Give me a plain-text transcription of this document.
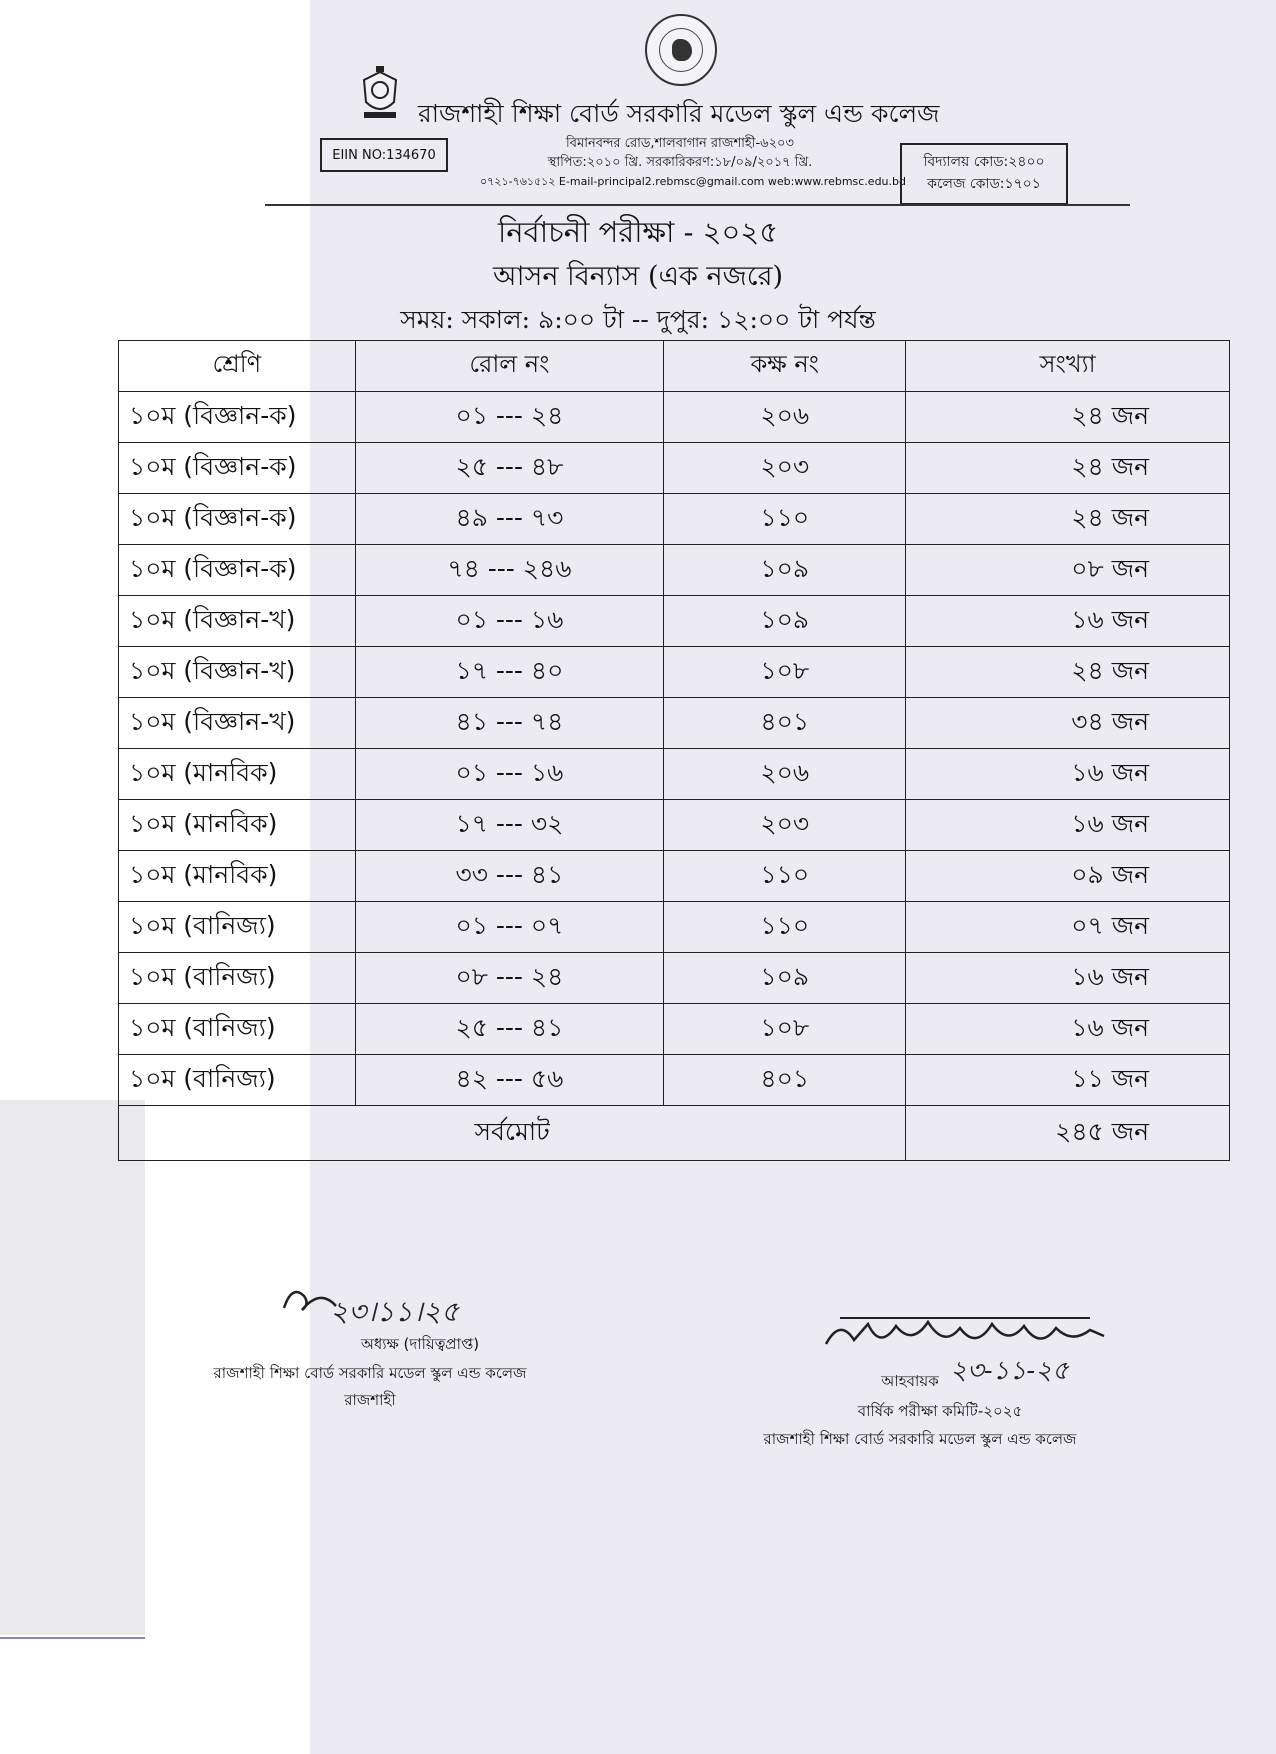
রাজশাহী শিক্ষা বোর্ড সরকারি মডেল স্কুল এন্ড কলেজ
EIIN NO:134670
বিমানবন্দর রোড,শালবাগান রাজশাহী-৬২০৩
স্থাপিত:২০১০ খ্রি. সরকারিকরণ:১৮/০৯/২০১৭ খ্রি.
০৭২১-৭৬১৫১২ E-mail-principal2.rebmsc@gmail.com web:www.rebmsc.edu.bd
বিদ্যালয় কোড:২৪০০
কলেজ কোড:১৭০১
নির্বাচনী পরীক্ষা - ২০২৫
আসন বিন্যাস (এক নজরে)
সময়: সকাল: ৯:০০ টা -- দুপুর: ১২:০০ টা পর্যন্ত
শ্রেণি	রোল নং	কক্ষ নং	সংখ্যা
১০ম (বিজ্ঞান-ক)	০১ --- ২৪	২০৬	২৪ জন
১০ম (বিজ্ঞান-ক)	২৫ --- ৪৮	২০৩	২৪ জন
১০ম (বিজ্ঞান-ক)	৪৯ --- ৭৩	১১০	২৪ জন
১০ম (বিজ্ঞান-ক)	৭৪ --- ২৪৬	১০৯	০৮ জন
১০ম (বিজ্ঞান-খ)	০১ --- ১৬	১০৯	১৬ জন
১০ম (বিজ্ঞান-খ)	১৭ --- ৪০	১০৮	২৪ জন
১০ম (বিজ্ঞান-খ)	৪১ --- ৭৪	৪০১	৩৪ জন
১০ম (মানবিক)	০১ --- ১৬	২০৬	১৬ জন
১০ম (মানবিক)	১৭ --- ৩২	২০৩	১৬ জন
১০ম (মানবিক)	৩৩ --- ৪১	১১০	০৯ জন
১০ম (বানিজ্য)	০১ --- ০৭	১১০	০৭ জন
১০ম (বানিজ্য)	০৮ --- ২৪	১০৯	১৬ জন
১০ম (বানিজ্য)	২৫ --- ৪১	১০৮	১৬ জন
১০ম (বানিজ্য)	৪২ --- ৫৬	৪০১	১১ জন
সর্বমোট			২৪৫ জন
২৩।১১।২৫
অধ্যক্ষ (দায়িত্বপ্রাপ্ত)
রাজশাহী শিক্ষা বোর্ড সরকারি মডেল স্কুল এন্ড কলেজ
রাজশাহী
২৩-১১-২৫
আহবায়ক
বার্ষিক পরীক্ষা কমিটি-২০২৫
রাজশাহী শিক্ষা বোর্ড সরকারি মডেল স্কুল এন্ড কলেজ
